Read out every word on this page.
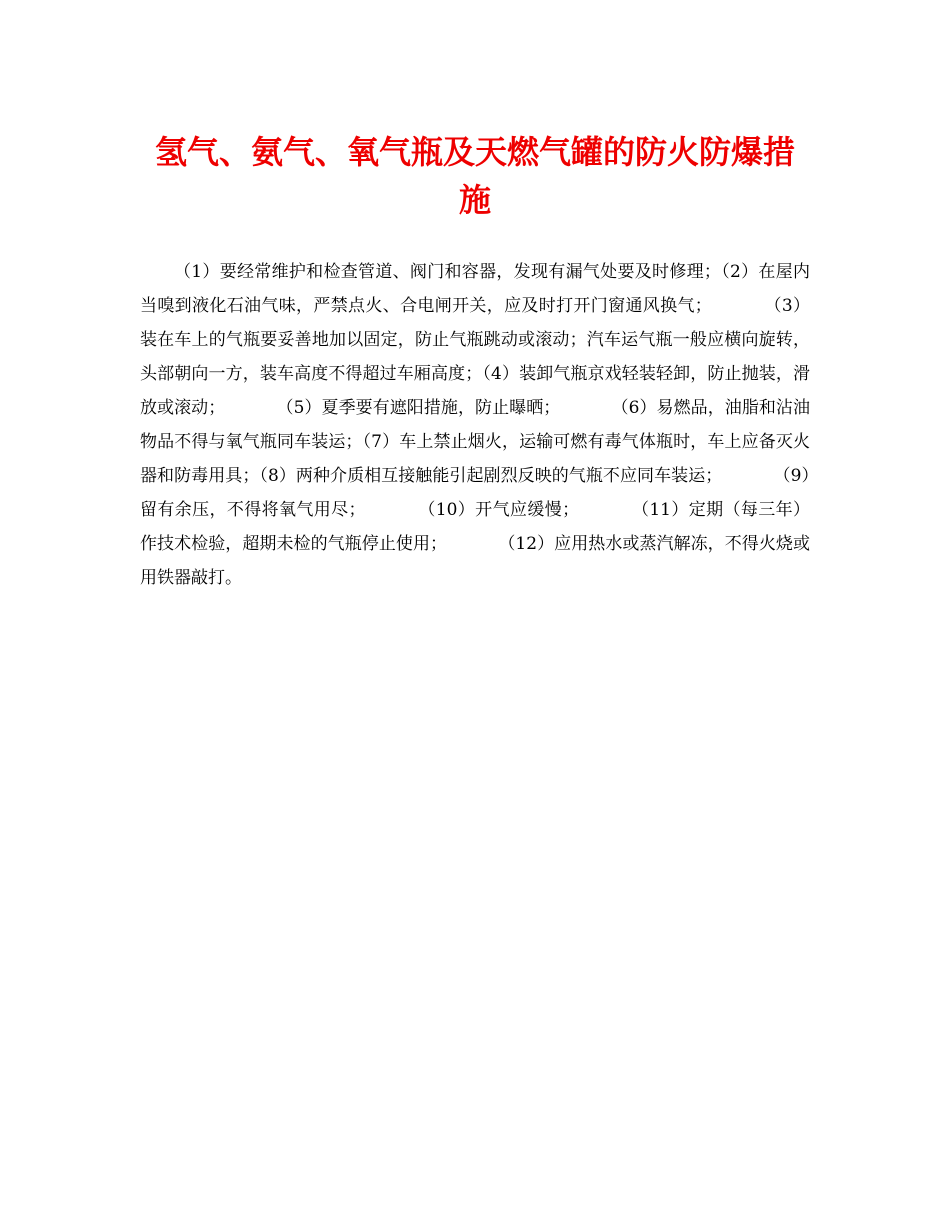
氢气、氨气、氧气瓶及天燃气罐的防火防爆措施

（1）要经常维护和检查管道、阀门和容器，发现有漏气处要及时修理；（2）在屋内当嗅到液化石油气味，严禁点火、合电闸开关，应及时打开门窗通风换气；　　　　（3）装在车上的气瓶要妥善地加以固定，防止气瓶跳动或滚动；汽车运气瓶一般应横向旋转，头部朝向一方，装车高度不得超过车厢高度；（4）装卸气瓶京戏轻装轻卸，防止抛装，滑放或滚动；　　　　（5）夏季要有遮阳措施，防止曝晒；　　　　（6）易燃品，油脂和沾油物品不得与氧气瓶同车装运；（7）车上禁止烟火，运输可燃有毒气体瓶时，车上应备灭火器和防毒用具；（8）两种介质相互接触能引起剧烈反映的气瓶不应同车装运；　　　　（9）留有余压，不得将氧气用尽；　　　　（10）开气应缓慢；　　　　（11）定期（每三年）作技术检验，超期未检的气瓶停止使用；　　　　（12）应用热水或蒸汽解冻，不得火烧或用铁器敲打。
